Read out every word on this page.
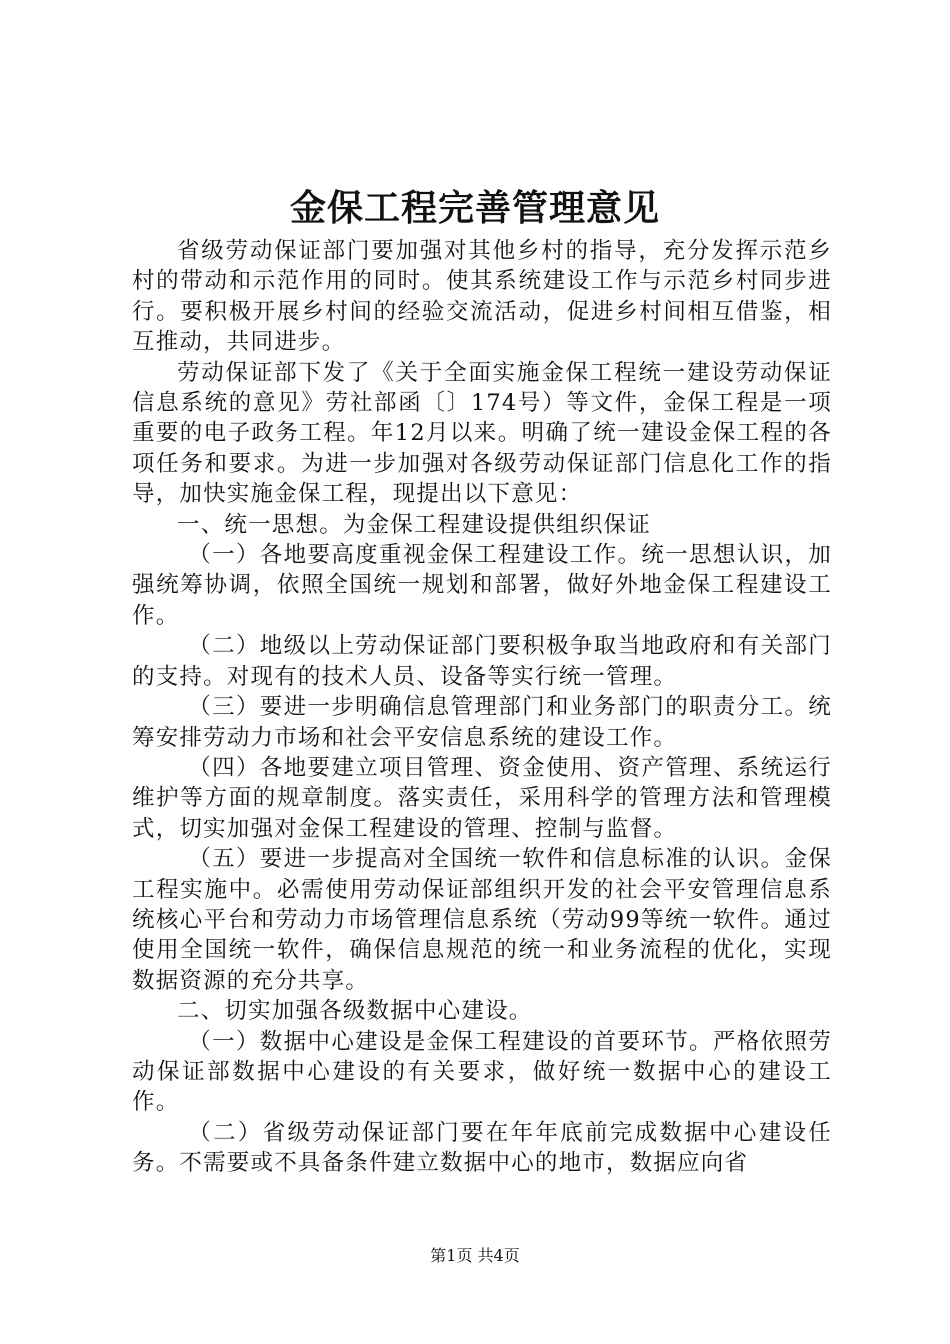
金保工程完善管理意见

省级劳动保证部门要加强对其他乡村的指导，充分发挥示范乡村的带动和示范作用的同时。使其系统建设工作与示范乡村同步进行。要积极开展乡村间的经验交流活动，促进乡村间相互借鉴，相互推动，共同进步。

劳动保证部下发了《关于全面实施金保工程统一建设劳动保证信息系统的意见》劳社部函〔〕174号）等文件，金保工程是一项重要的电子政务工程。年12月以来。明确了统一建设金保工程的各项任务和要求。为进一步加强对各级劳动保证部门信息化工作的指导，加快实施金保工程，现提出以下意见：

一、统一思想。为金保工程建设提供组织保证

（一）各地要高度重视金保工程建设工作。统一思想认识，加强统筹协调，依照全国统一规划和部署，做好外地金保工程建设工作。

（二）地级以上劳动保证部门要积极争取当地政府和有关部门的支持。对现有的技术人员、设备等实行统一管理。

（三）要进一步明确信息管理部门和业务部门的职责分工。统筹安排劳动力市场和社会平安信息系统的建设工作。

（四）各地要建立项目管理、资金使用、资产管理、系统运行维护等方面的规章制度。落实责任，采用科学的管理方法和管理模式，切实加强对金保工程建设的管理、控制与监督。

（五）要进一步提高对全国统一软件和信息标准的认识。金保工程实施中。必需使用劳动保证部组织开发的社会平安管理信息系统核心平台和劳动力市场管理信息系统（劳动99等统一软件。通过使用全国统一软件，确保信息规范的统一和业务流程的优化，实现数据资源的充分共享。

二、切实加强各级数据中心建设。

（一）数据中心建设是金保工程建设的首要环节。严格依照劳动保证部数据中心建设的有关要求，做好统一数据中心的建设工作。

（二）省级劳动保证部门要在年年底前完成数据中心建设任务。不需要或不具备条件建立数据中心的地市，数据应向省

第1页 共4页
